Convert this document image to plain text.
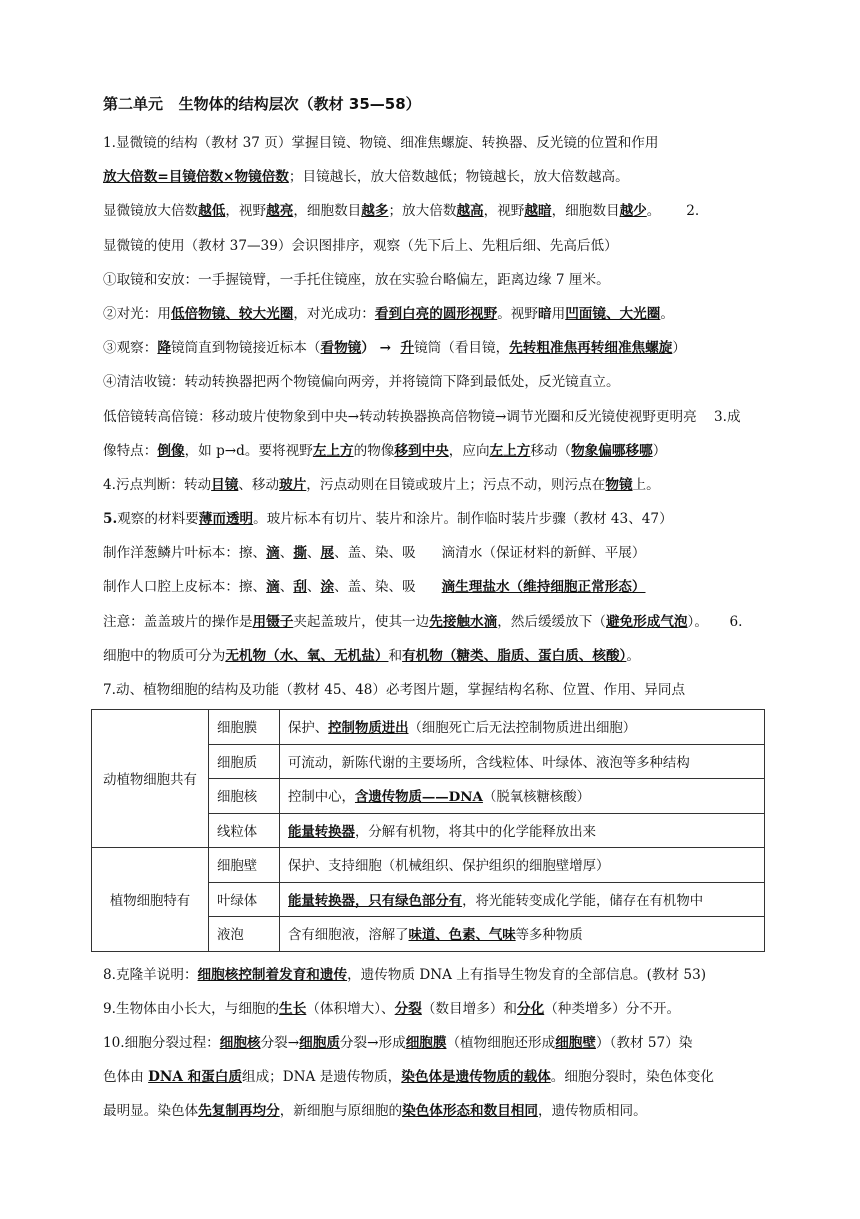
第二单元   生物体的结构层次（教材 35—58）
1.显微镜的结构（教材 37 页）掌握目镜、物镜、细准焦螺旋、转换器、反光镜的位置和作用
放大倍数=目镜倍数×物镜倍数；目镜越长，放大倍数越低；物镜越长，放大倍数越高。
显微镜放大倍数越低，视野越亮，细胞数目越多；放大倍数越高，视野越暗，细胞数目越少。      2.
显微镜的使用（教材 37—39）会识图排序，观察（先下后上、先粗后细、先高后低）
①取镜和安放：一手握镜臂，一手托住镜座，放在实验台略偏左，距离边缘 7 厘米。
②对光：用低倍物镜、较大光圈，对光成功：看到白亮的圆形视野。视野暗用凹面镜、大光圈。
③观察：降镜筒直到物镜接近标本（看物镜） →  升镜筒（看目镜，先转粗准焦再转细准焦螺旋）
④清洁收镜：转动转换器把两个物镜偏向两旁，并将镜筒下降到最低处，反光镜直立。
低倍镜转高倍镜：移动玻片使物象到中央→转动转换器换高倍物镜→调节光圈和反光镜使视野更明亮    3.成
像特点：倒像，如 p→d。要将视野左上方的物像移到中央，应向左上方移动（物象偏哪移哪）
4.污点判断：转动目镜、移动玻片，污点动则在目镜或玻片上；污点不动，则污点在物镜上。
5.观察的材料要薄而透明。玻片标本有切片、装片和涂片。制作临时装片步骤（教材 43、47）
制作洋葱鳞片叶标本：擦、滴、撕、展、盖、染、吸      滴清水（保证材料的新鲜、平展）
制作人口腔上皮标本：擦、滴、刮、涂、盖、染、吸      滴生理盐水（维持细胞正常形态）
注意：盖盖玻片的操作是用镊子夹起盖玻片，使其一边先接触水滴，然后缓缓放下（避免形成气泡）。     6.
细胞中的物质可分为无机物（水、氧、无机盐）和有机物（糖类、脂质、蛋白质、核酸）。
7.动、植物细胞的结构及功能（教材 45、48）必考图片题，掌握结构名称、位置、作用、异同点
动植物细胞共有	细胞膜	保护、控制物质进出（细胞死亡后无法控制物质进出细胞）
	细胞质	可流动，新陈代谢的主要场所，含线粒体、叶绿体、液泡等多种结构
	细胞核	控制中心，含遗传物质——DNA（脱氧核糖核酸）
	线粒体	能量转换器，分解有机物，将其中的化学能释放出来
植物细胞特有	细胞壁	保护、支持细胞（机械组织、保护组织的细胞壁增厚）
	叶绿体	能量转换器，只有绿色部分有，将光能转变成化学能，储存在有机物中
	液泡	含有细胞液，溶解了味道、色素、气味等多种物质
8.克隆羊说明：细胞核控制着发育和遗传，遗传物质 DNA 上有指导生物发育的全部信息。(教材 53)
9.生物体由小长大，与细胞的生长（体积增大）、分裂（数目增多）和分化（种类增多）分不开。
10.细胞分裂过程：细胞核分裂→细胞质分裂→形成细胞膜（植物细胞还形成细胞壁）（教材 57）染
色体由 DNA 和蛋白质组成；DNA 是遗传物质，染色体是遗传物质的载体。细胞分裂时，染色体变化
最明显。染色体先复制再均分，新细胞与原细胞的染色体形态和数目相同，遗传物质相同。
